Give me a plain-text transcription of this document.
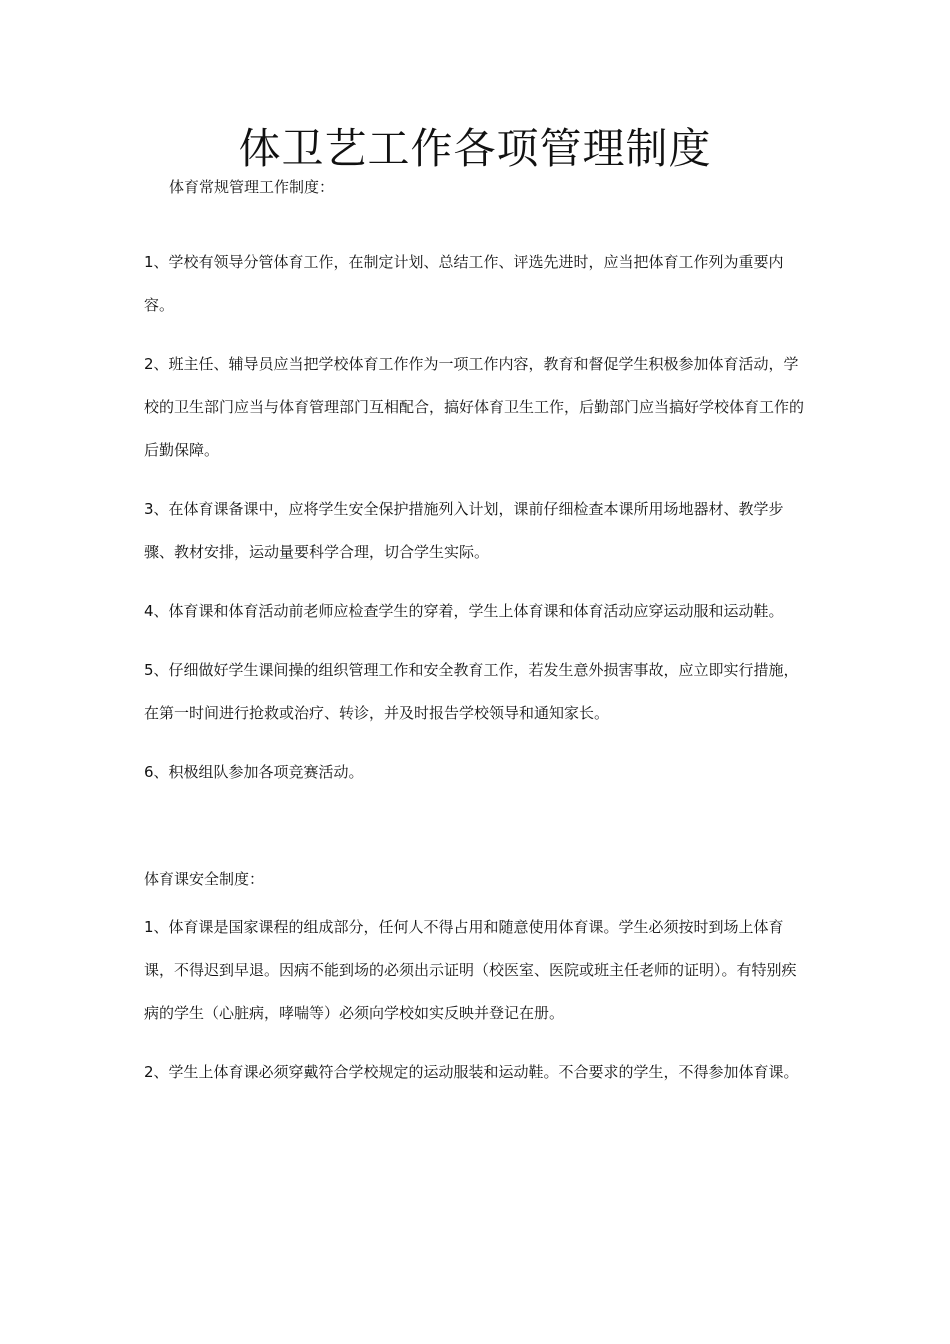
体卫艺工作各项管理制度

体育常规管理工作制度：

1、学校有领导分管体育工作，在制定计划、总结工作、评选先进时，应当把体育工作列为重要内容。

2、班主任、辅导员应当把学校体育工作作为一项工作内容，教育和督促学生积极参加体育活动，学校的卫生部门应当与体育管理部门互相配合，搞好体育卫生工作，后勤部门应当搞好学校体育工作的后勤保障。

3、在体育课备课中，应将学生安全保护措施列入计划，课前仔细检查本课所用场地器材、教学步骤、教材安排，运动量要科学合理，切合学生实际。

4、体育课和体育活动前老师应检查学生的穿着，学生上体育课和体育活动应穿运动服和运动鞋。

5、仔细做好学生课间操的组织管理工作和安全教育工作，若发生意外损害事故，应立即实行措施，在第一时间进行抢救或治疗、转诊，并及时报告学校领导和通知家长。

6、积极组队参加各项竞赛活动。

体育课安全制度：

1、体育课是国家课程的组成部分，任何人不得占用和随意使用体育课。学生必须按时到场上体育课，不得迟到早退。因病不能到场的必须出示证明（校医室、医院或班主任老师的证明）。有特别疾病的学生（心脏病，哮喘等）必须向学校如实反映并登记在册。

2、学生上体育课必须穿戴符合学校规定的运动服装和运动鞋。不合要求的学生，不得参加体育课。
